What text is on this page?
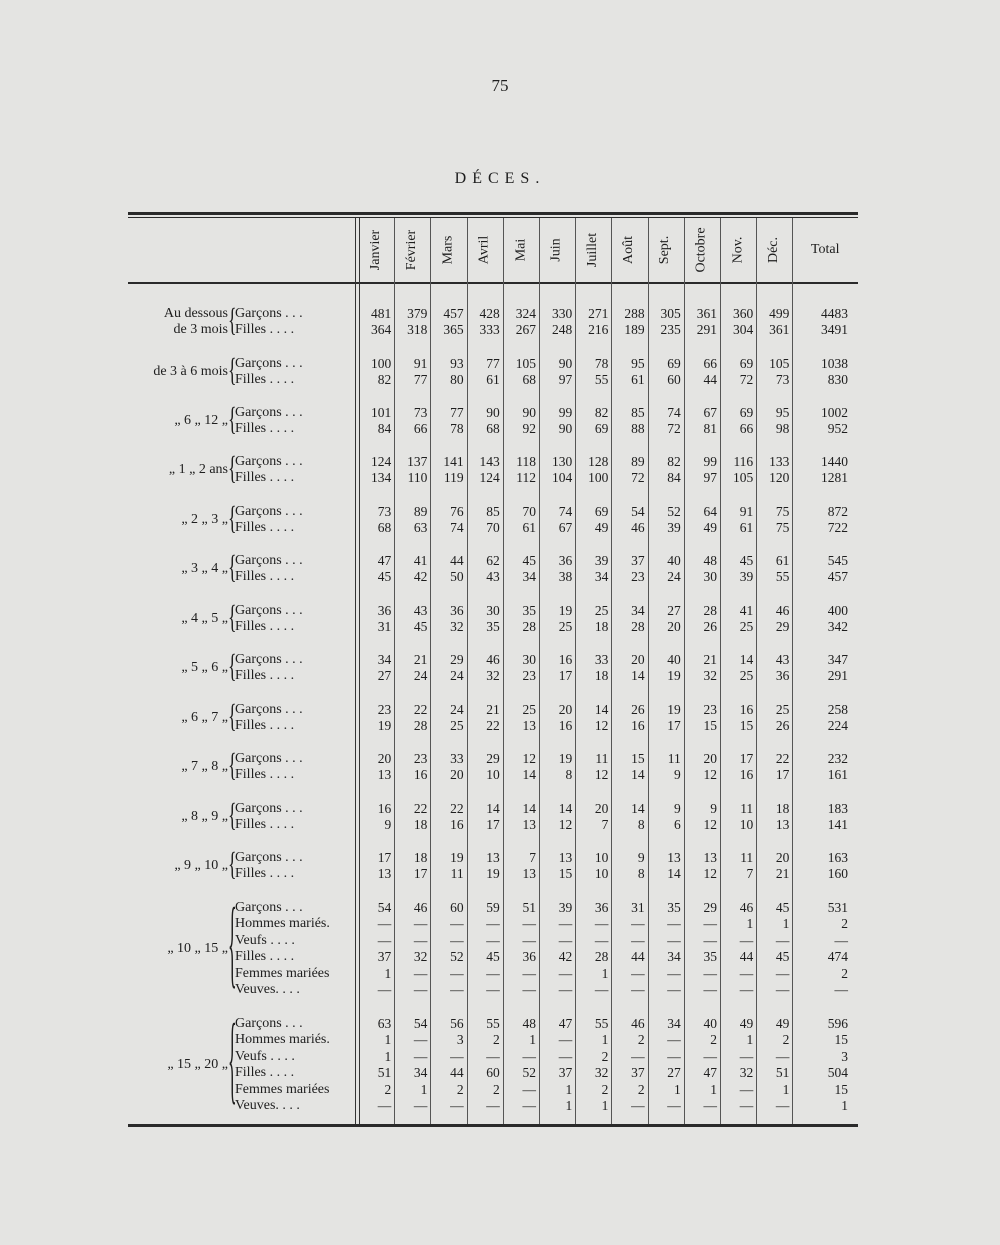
75
DÉCES.
Janvier Février Mars Avril Mai Juin Juillet Août Sept. Octobre Nov. Déc.	Total
Au dessous
de 3 mois {
Garçons . . .	481	379	457	428	324	330	271	288	305	361	360	499	4483
Filles . . . .	364	318	365	333	267	248	216	189	235	291	304	361	3491
de 3 à 6 mois {
Garçons . . .	100	91	93	77	105	90	78	95	69	66	69	105	1038
Filles . . . .	82	77	80	61	68	97	55	61	60	44	72	73	830
„ 6 „ 12 „ {
Garçons . . .	101	73	77	90	90	99	82	85	74	67	69	95	1002
Filles . . . .	84	66	78	68	92	90	69	88	72	81	66	98	952
„ 1 „ 2 ans {
Garçons . . .	124	137	141	143	118	130	128	89	82	99	116	133	1440
Filles . . . .	134	110	119	124	112	104	100	72	84	97	105	120	1281
„ 2 „ 3 „ {
Garçons . . .	73	89	76	85	70	74	69	54	52	64	91	75	872
Filles . . . .	68	63	74	70	61	67	49	46	39	49	61	75	722
„ 3 „ 4 „ {
Garçons . . .	47	41	44	62	45	36	39	37	40	48	45	61	545
Filles . . . .	45	42	50	43	34	38	34	23	24	30	39	55	457
„ 4 „ 5 „ {
Garçons . . .	36	43	36	30	35	19	25	34	27	28	41	46	400
Filles . . . .	31	45	32	35	28	25	18	28	20	26	25	29	342
„ 5 „ 6 „ {
Garçons . . .	34	21	29	46	30	16	33	20	40	21	14	43	347
Filles . . . .	27	24	24	32	23	17	18	14	19	32	25	36	291
„ 6 „ 7 „ {
Garçons . . .	23	22	24	21	25	20	14	26	19	23	16	25	258
Filles . . . .	19	28	25	22	13	16	12	16	17	15	15	26	224
„ 7 „ 8 „ {
Garçons . . .	20	23	33	29	12	19	11	15	11	20	17	22	232
Filles . . . .	13	16	20	10	14	8	12	14	9	12	16	17	161
„ 8 „ 9 „ {
Garçons . . .	16	22	22	14	14	14	20	14	9	9	11	18	183
Filles . . . .	9	18	16	17	13	12	7	8	6	12	10	13	141
„ 9 „ 10 „ {
Garçons . . .	17	18	19	13	7	13	10	9	13	13	11	20	163
Filles . . . .	13	17	11	19	13	15	10	8	14	12	7	21	160
„ 10 „ 15 „ {
Garçons . . .	54	46	60	59	51	39	36	31	35	29	46	45	531
Hommes mariés.	—	—	—	—	—	—	—	—	—	—	1	1	2
Veufs . . . .	—	—	—	—	—	—	—	—	—	—	—	—	—
Filles . . . .	37	32	52	45	36	42	28	44	34	35	44	45	474
Femmes mariées	1	—	—	—	—	—	1	—	—	—	—	—	2
Veuves. . . .	—	—	—	—	—	—	—	—	—	—	—	—	—
„ 15 „ 20 „ {
Garçons . . .	63	54	56	55	48	47	55	46	34	40	49	49	596
Hommes mariés.	1	—	3	2	1	—	1	2	—	2	1	2	15
Veufs . . . .	1	—	—	—	—	—	2	—	—	—	—	—	3
Filles . . . .	51	34	44	60	52	37	32	37	27	47	32	51	504
Femmes mariées	2	1	2	2	—	1	2	2	1	1	—	1	15
Veuves. . . .	—	—	—	—	—	1	1	—	—	—	—	—	1
